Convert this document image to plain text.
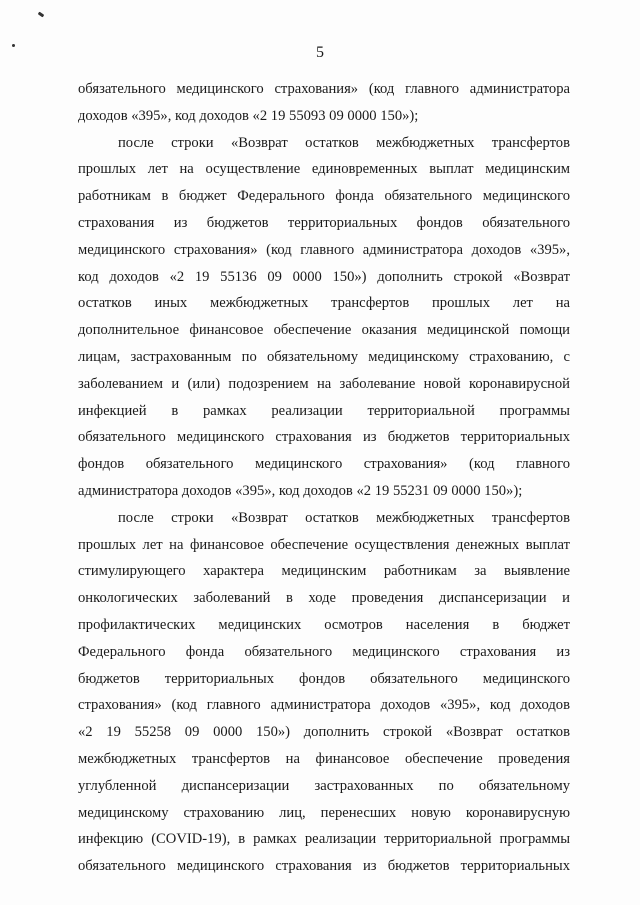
5
обязательного медицинского страхования» (код главного администратора
доходов «395», код доходов «2 19 55093 09 0000 150»);
после строки «Возврат остатков межбюджетных трансфертов
прошлых лет на осуществление единовременных выплат медицинским
работникам в бюджет Федерального фонда обязательного медицинского
страхования из бюджетов территориальных фондов обязательного
медицинского страхования» (код главного администратора доходов «395»,
код доходов «2 19 55136 09 0000 150») дополнить строкой «Возврат
остатков иных межбюджетных трансфертов прошлых лет на
дополнительное финансовое обеспечение оказания медицинской помощи
лицам, застрахованным по обязательному медицинскому страхованию, с
заболеванием и (или) подозрением на заболевание новой коронавирусной
инфекцией в рамках реализации территориальной программы
обязательного медицинского страхования из бюджетов территориальных
фондов обязательного медицинского страхования» (код главного
администратора доходов «395», код доходов «2 19 55231 09 0000 150»);
после строки «Возврат остатков межбюджетных трансфертов
прошлых лет на финансовое обеспечение осуществления денежных выплат
стимулирующего характера медицинским работникам за выявление
онкологических заболеваний в ходе проведения диспансеризации и
профилактических медицинских осмотров населения в бюджет
Федерального фонда обязательного медицинского страхования из
бюджетов территориальных фондов обязательного медицинского
страхования» (код главного администратора доходов «395», код доходов
«2 19 55258 09 0000 150») дополнить строкой «Возврат остатков
межбюджетных трансфертов на финансовое обеспечение проведения
углубленной диспансеризации застрахованных по обязательному
медицинскому страхованию лиц, перенесших новую коронавирусную
инфекцию (COVID-19), в рамках реализации территориальной программы
обязательного медицинского страхования из бюджетов территориальных
